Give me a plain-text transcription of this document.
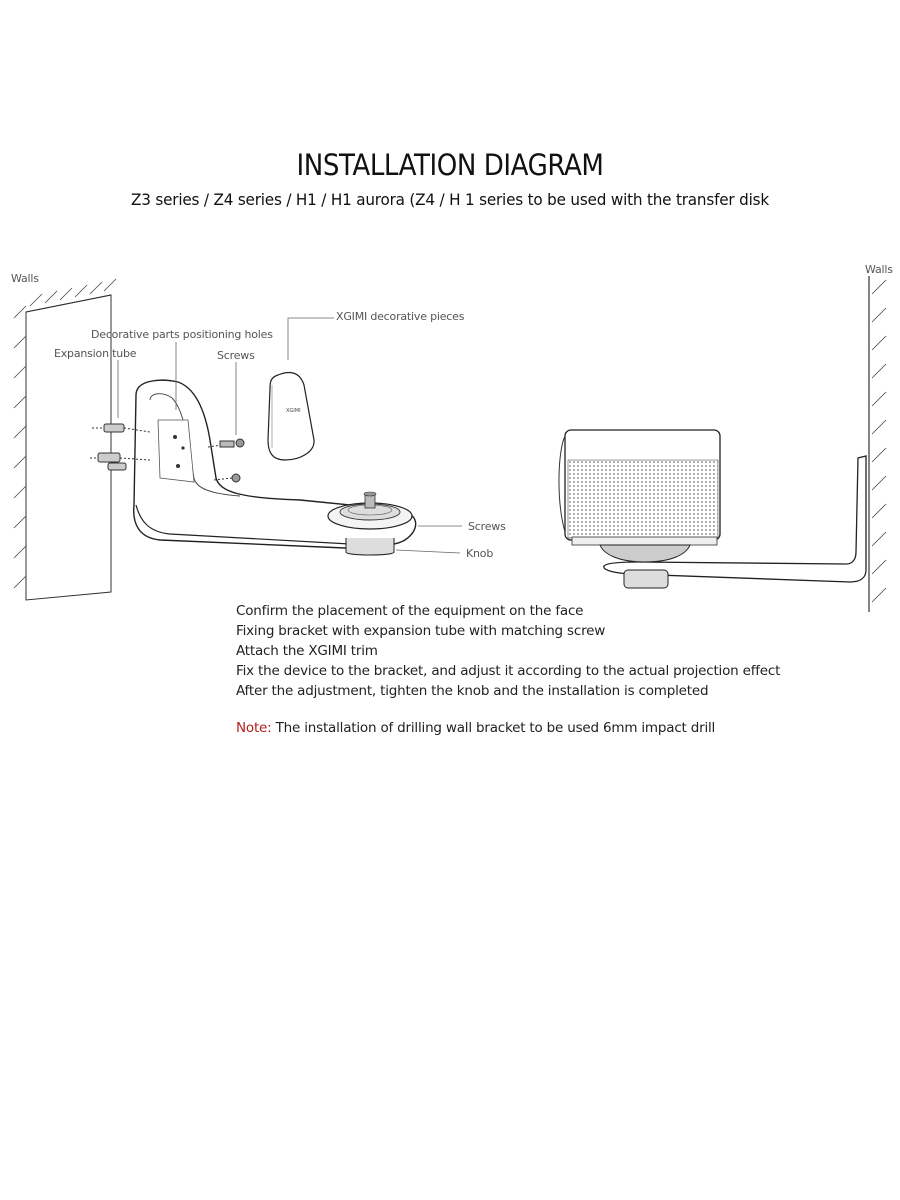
INSTALLATION DIAGRAM
Z3 series / Z4 series / H1 / H1 aurora (Z4 / H 1 series to be used with the transfer disk
XGIMI
Walls
Walls
Decorative parts positioning holes
Expansion tube	Screws
XGIMI decorative pieces
Screws
Knob
Confirm the placement of the equipment on the face
Fixing bracket with expansion tube with matching screw
Attach the XGIMI trim
Fix the device to the bracket, and adjust it according to the actual projection effect
After the adjustment, tighten the knob and the installation is completed
Note: The installation of drilling wall bracket to be used 6mm impact drill
